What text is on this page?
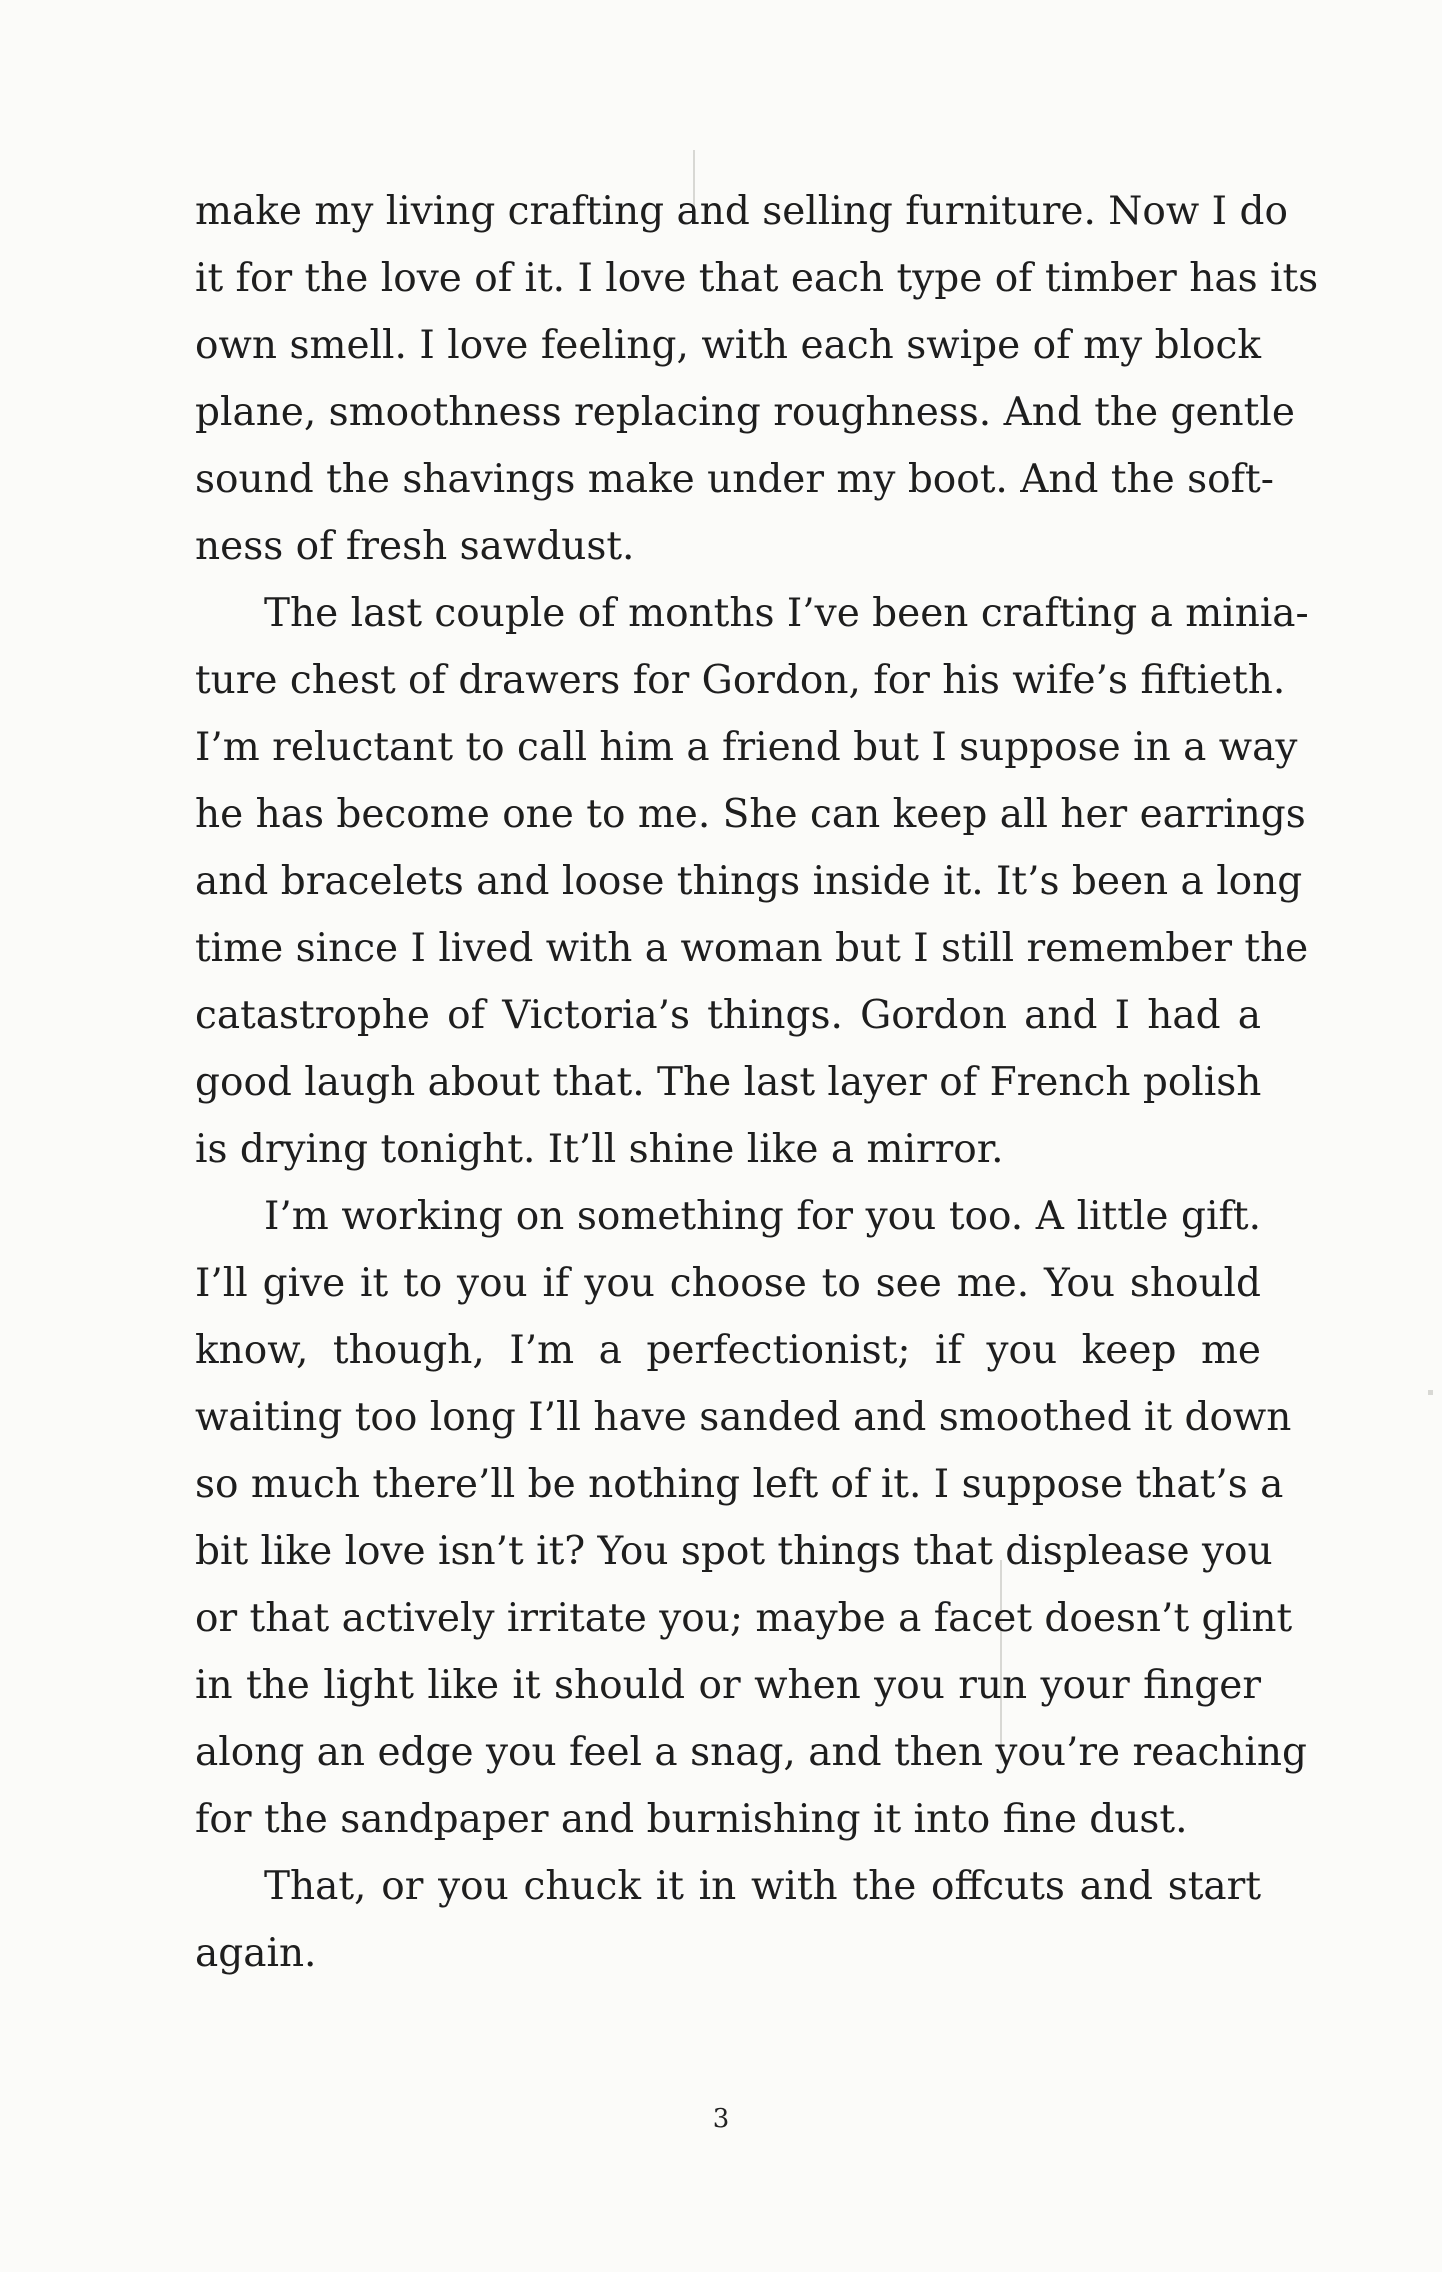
make my living crafting and selling furniture. Now I do
it for the love of it. I love that each type of timber has its
own smell. I love feeling, with each swipe of my block
plane, smoothness replacing roughness. And the gentle
sound the shavings make under my boot. And the soft-
ness of fresh sawdust.
The last couple of months I’ve been crafting a minia-
ture chest of drawers for Gordon, for his wife’s fiftieth.
I’m reluctant to call him a friend but I suppose in a way
he has become one to me. She can keep all her earrings
and bracelets and loose things inside it. It’s been a long
time since I lived with a woman but I still remember the
catastrophe of Victoria’s things. Gordon and I had a
good laugh about that. The last layer of French polish
is drying tonight. It’ll shine like a mirror.
I’m working on something for you too. A little gift.
I’ll give it to you if you choose to see me. You should
know, though, I’m a perfectionist; if you keep me
waiting too long I’ll have sanded and smoothed it down
so much there’ll be nothing left of it. I suppose that’s a
bit like love isn’t it? You spot things that displease you
or that actively irritate you; maybe a facet doesn’t glint
in the light like it should or when you run your finger
along an edge you feel a snag, and then you’re reaching
for the sandpaper and burnishing it into fine dust.
That, or you chuck it in with the offcuts and start
again.
3
